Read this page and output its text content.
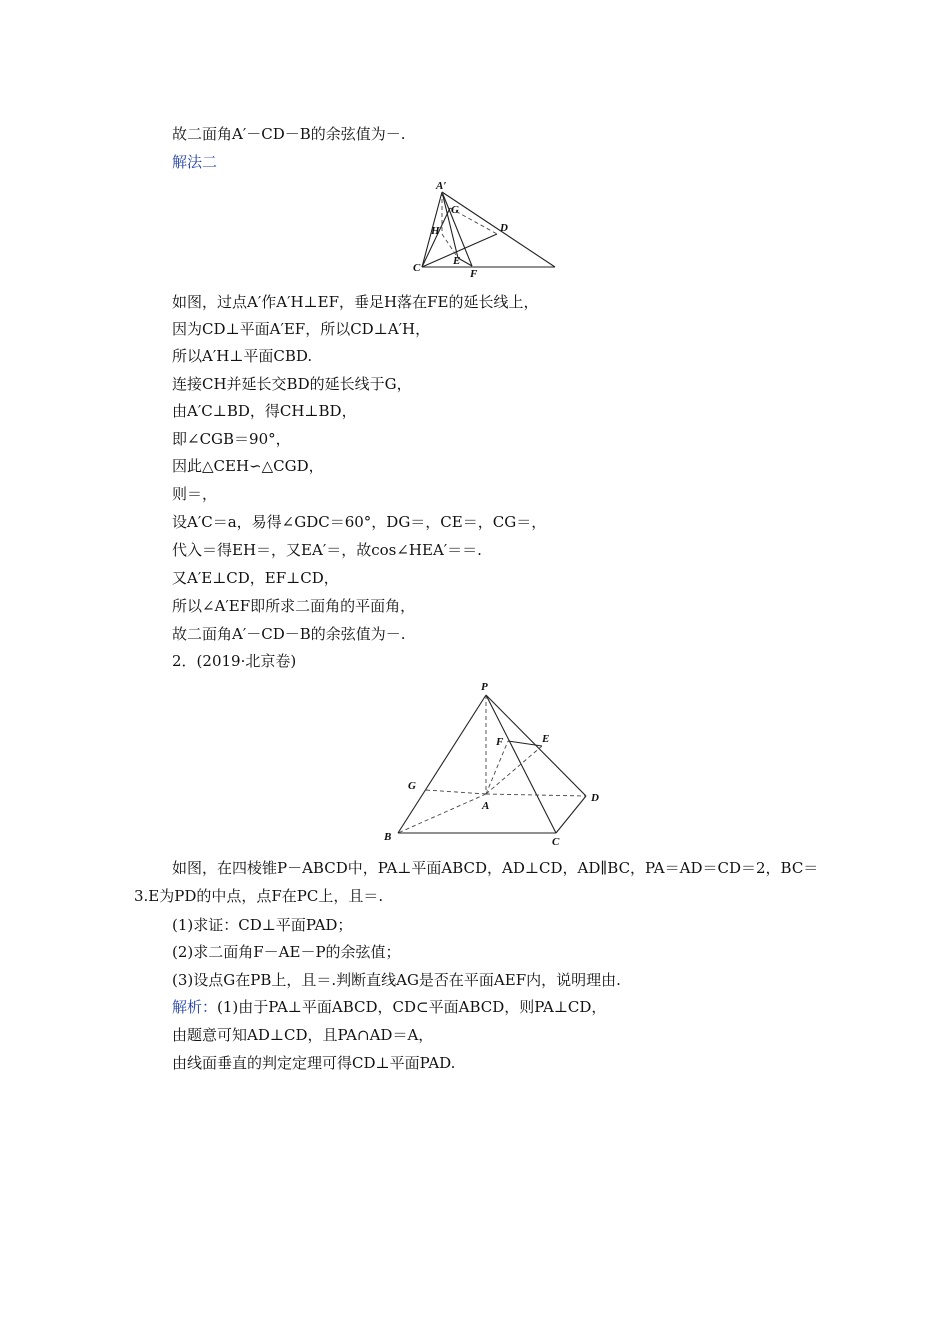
故二面角A′－CD－B的余弦值为－.
解法二
A′
G
D
H
E
C	F
如图，过点A′作A′H⊥EF，垂足H落在FE的延长线上，
因为CD⊥平面A′EF，所以CD⊥A′H，
所以A′H⊥平面CBD.
连接CH并延长交BD的延长线于G，
由A′C⊥BD，得CH⊥BD，
即∠CGB＝90°，
因此△CEH∽△CGD，
则＝，
设A′C＝a，易得∠GDC＝60°，DG＝，CE＝，CG＝，
代入＝得EH＝，又EA′＝，故cos∠HEA′＝＝.
又A′E⊥CD，EF⊥CD，
所以∠A′EF即所求二面角的平面角，
故二面角A′－CD－B的余弦值为－.
2．(2019·北京卷)
P
F	E
G
A
D
B	C
如图，在四棱锥P－ABCD中，PA⊥平面ABCD，AD⊥CD，AD∥BC，PA＝AD＝CD＝2，BC＝
3.E为PD的中点，点F在PC上，且＝.
(1)求证：CD⊥平面PAD；
(2)求二面角F－AE－P的余弦值；
(3)设点G在PB上，且＝.判断直线AG是否在平面AEF内，说明理由.
解析：(1)由于PA⊥平面ABCD，CD⊂平面ABCD，则PA⊥CD，
由题意可知AD⊥CD，且PA∩AD＝A，
由线面垂直的判定定理可得CD⊥平面PAD.
